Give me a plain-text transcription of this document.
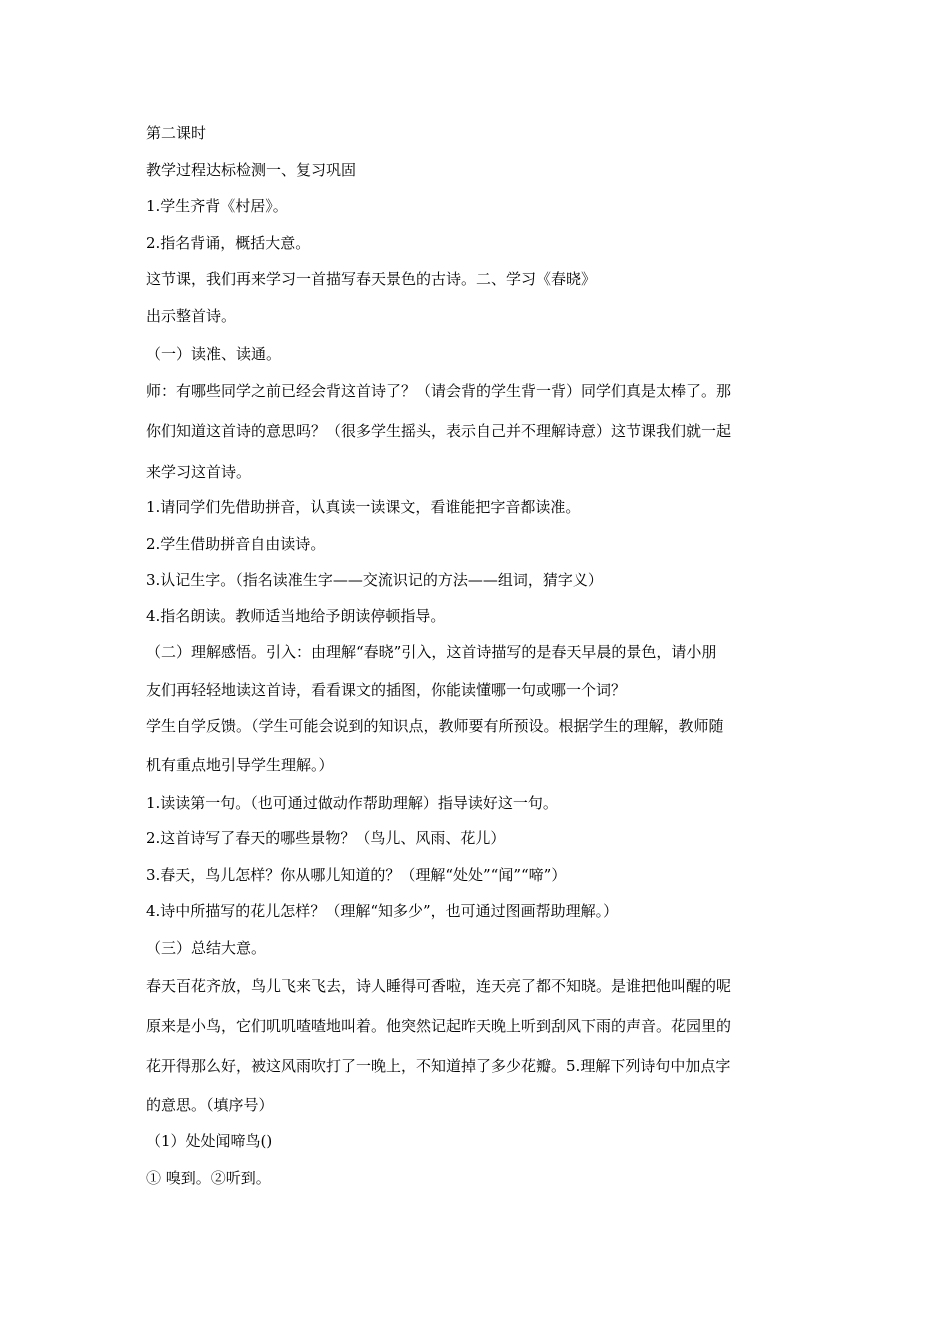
第二课时
教学过程达标检测一、复习巩固
1.学生齐背《村居》。
2.指名背诵，概括大意。
这节课，我们再来学习一首描写春天景色的古诗。二、学习《春晓》
出示整首诗。
（一）读准、读通。
师：有哪些同学之前已经会背这首诗了？（请会背的学生背一背）同学们真是太棒了。那
你们知道这首诗的意思吗？（很多学生摇头，表示自己并不理解诗意）这节课我们就一起
来学习这首诗。
1.请同学们先借助拼音，认真读一读课文，看谁能把字音都读准。
2.学生借助拼音自由读诗。
3.认记生字。（指名读准生字——交流识记的方法——组词，猜字义）
4.指名朗读。教师适当地给予朗读停顿指导。
（二）理解感悟。引入：由理解“春晓”引入，这首诗描写的是春天早晨的景色，请小朋
友们再轻轻地读这首诗，看看课文的插图，你能读懂哪一句或哪一个词？
学生自学反馈。（学生可能会说到的知识点，教师要有所预设。根据学生的理解，教师随
机有重点地引导学生理解。）
1.读读第一句。（也可通过做动作帮助理解）指导读好这一句。
2.这首诗写了春天的哪些景物？（鸟儿、风雨、花儿）
3.春天，鸟儿怎样？你从哪儿知道的？（理解“处处”“闻”“啼”）
4.诗中所描写的花儿怎样？（理解“知多少”，也可通过图画帮助理解。）
（三）总结大意。
春天百花齐放，鸟儿飞来飞去，诗人睡得可香啦，连天亮了都不知晓。是谁把他叫醒的呢
原来是小鸟，它们叽叽喳喳地叫着。他突然记起昨天晚上听到刮风下雨的声音。花园里的
花开得那么好，被这风雨吹打了一晚上，不知道掉了多少花瓣。5.理解下列诗句中加点字
的意思。（填序号）
（1）处处闻啼鸟()
① 嗅到。②听到。
